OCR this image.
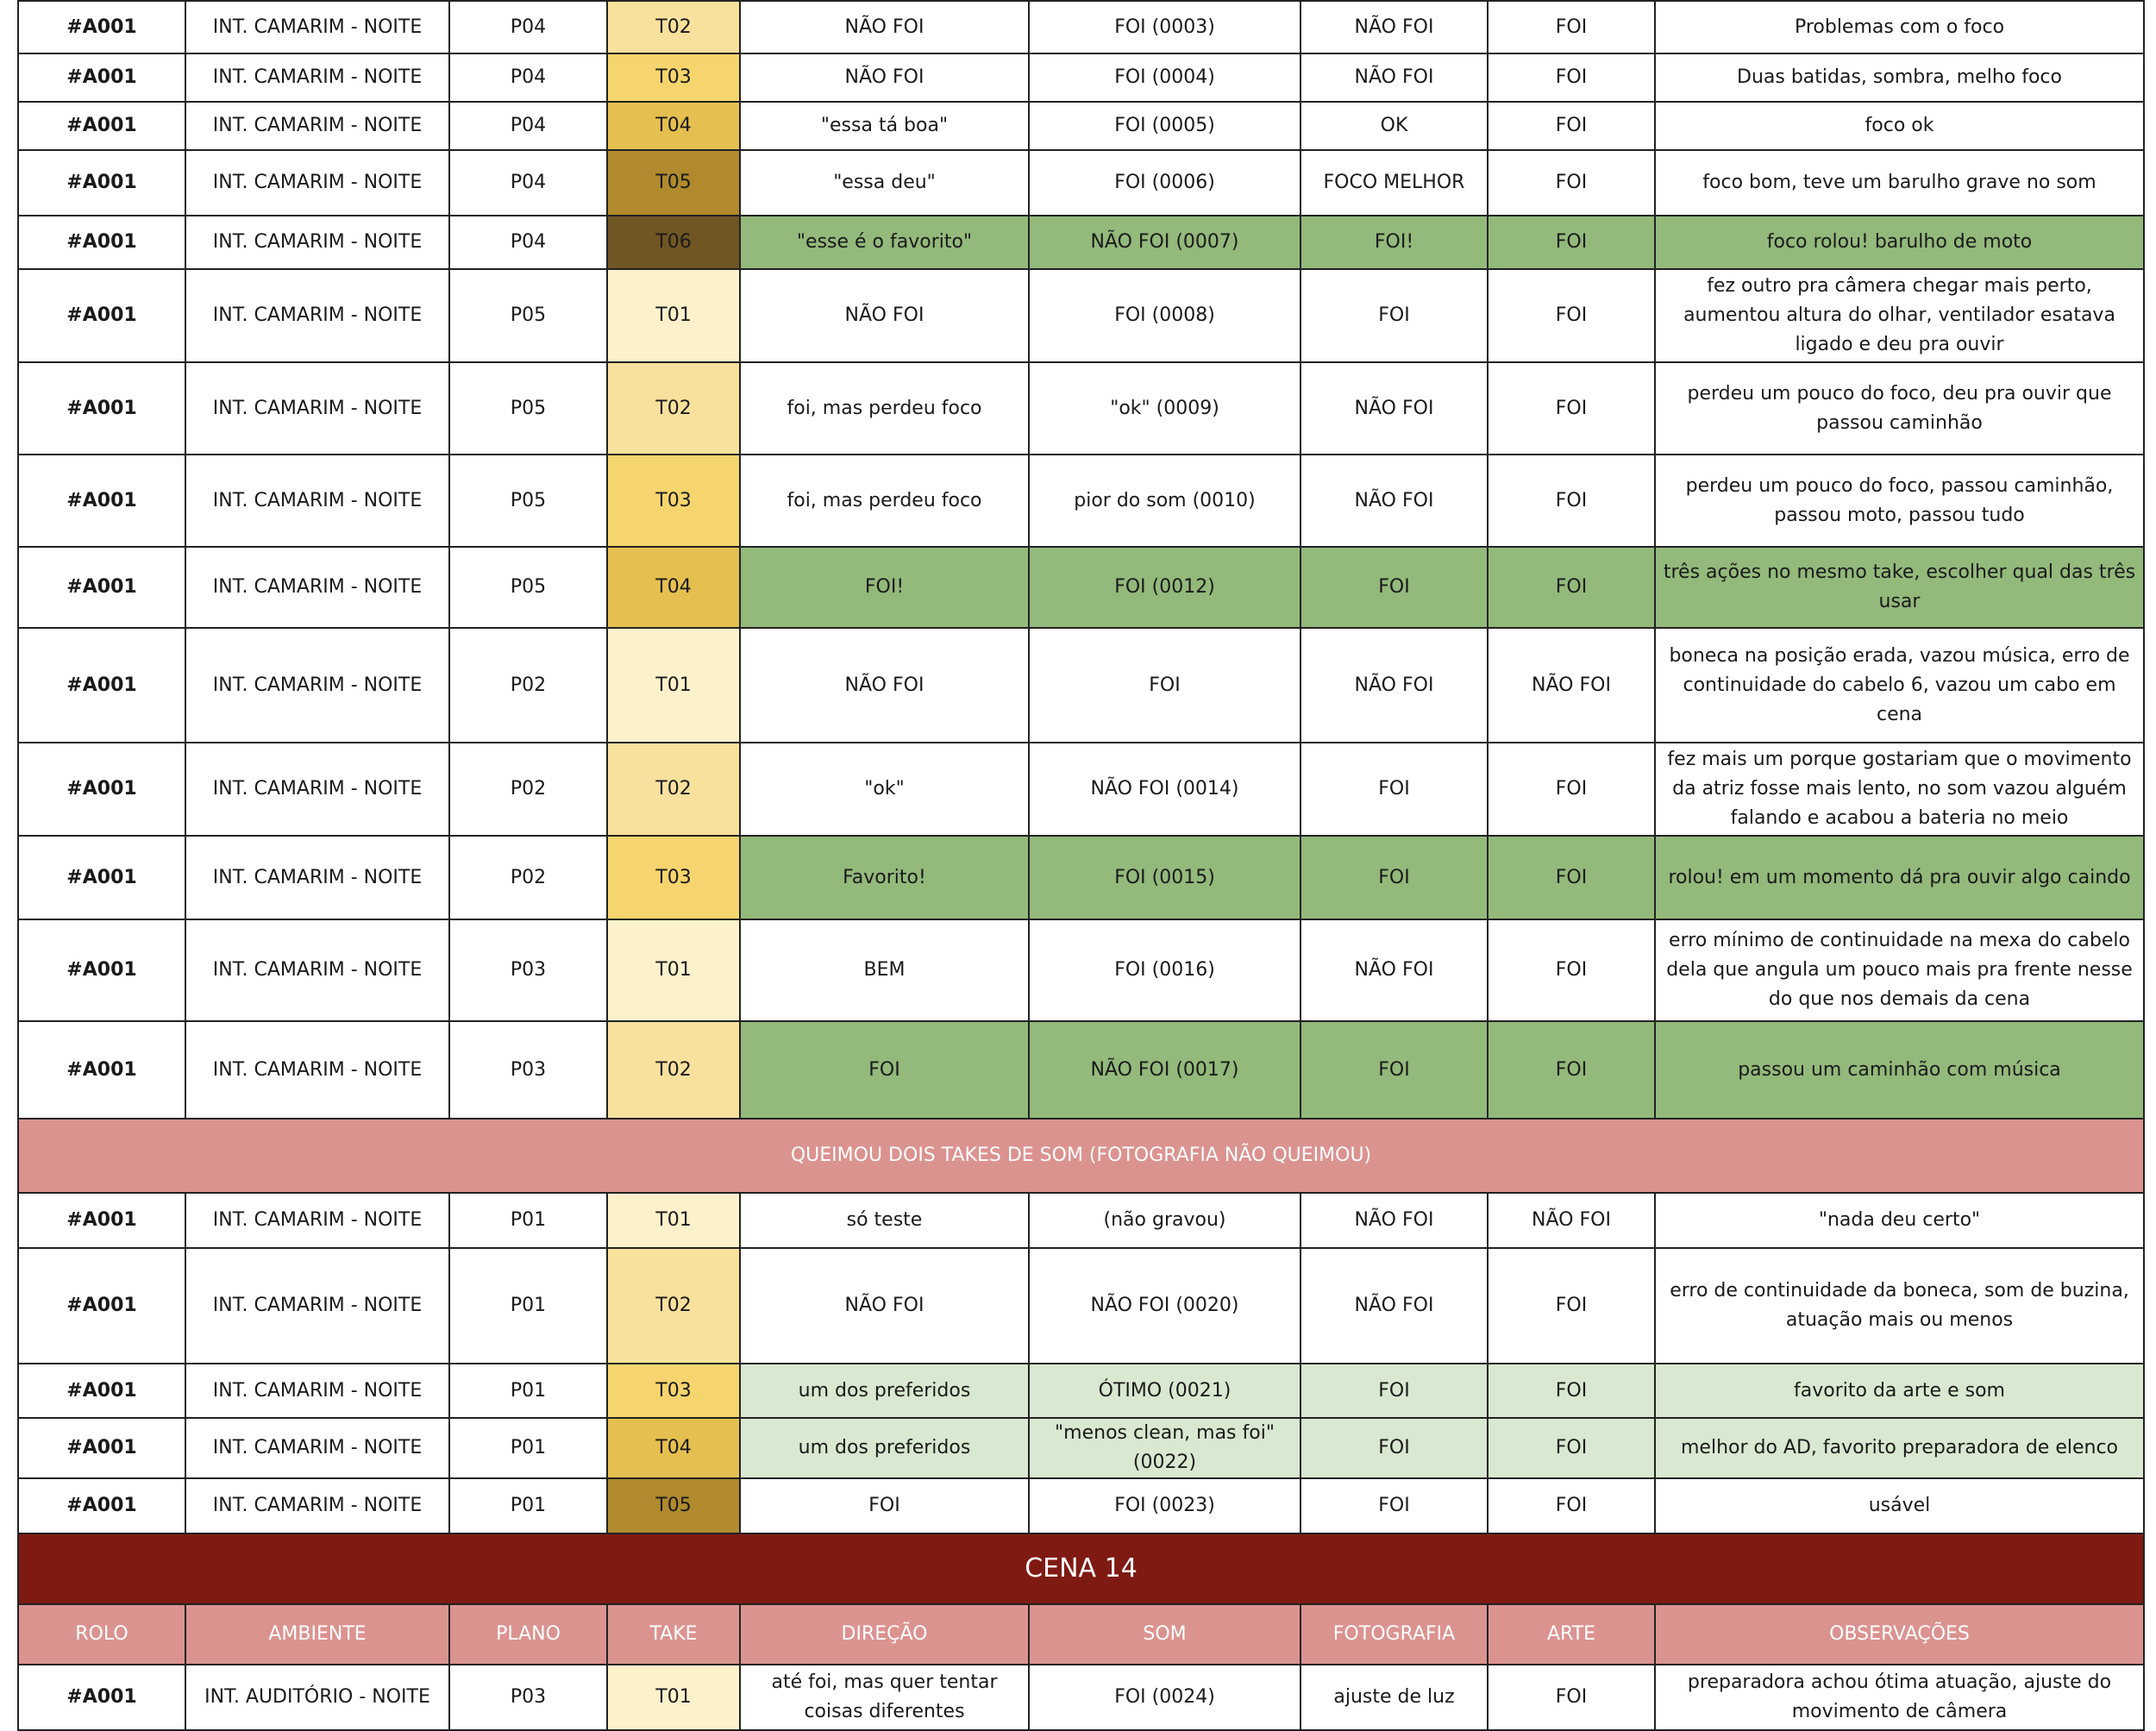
#A001	INT. CAMARIM - NOITE	P04	T02	NÃO FOI	FOI (0003)	NÃO FOI	FOI	Problemas com o foco
#A001	INT. CAMARIM - NOITE	P04	T03	NÃO FOI	FOI (0004)	NÃO FOI	FOI	Duas batidas, sombra, melho foco
#A001	INT. CAMARIM - NOITE	P04	T04	"essa tá boa"	FOI (0005)	OK	FOI	foco ok
#A001	INT. CAMARIM - NOITE	P04	T05	"essa deu"	FOI (0006)	FOCO MELHOR	FOI	foco bom, teve um barulho grave no som
#A001	INT. CAMARIM - NOITE	P04	T06	"esse é o favorito"	NÃO FOI (0007)	FOI!	FOI	foco rolou! barulho de moto
#A001	INT. CAMARIM - NOITE	P05	T01	NÃO FOI	FOI (0008)	FOI	FOI	fez outro pra câmera chegar mais perto, aumentou altura do olhar, ventilador esatava ligado e deu pra ouvir
#A001	INT. CAMARIM - NOITE	P05	T02	foi, mas perdeu foco	"ok" (0009)	NÃO FOI	FOI	perdeu um pouco do foco, deu pra ouvir que passou caminhão
#A001	INT. CAMARIM - NOITE	P05	T03	foi, mas perdeu foco	pior do som (0010)	NÃO FOI	FOI	perdeu um pouco do foco, passou caminhão, passou moto, passou tudo
#A001	INT. CAMARIM - NOITE	P05	T04	FOI!	FOI (0012)	FOI	FOI	três ações no mesmo take, escolher qual das três usar
#A001	INT. CAMARIM - NOITE	P02	T01	NÃO FOI	FOI	NÃO FOI	NÃO FOI	boneca na posição erada, vazou música, erro de continuidade do cabelo 6, vazou um cabo em cena
#A001	INT. CAMARIM - NOITE	P02	T02	"ok"	NÃO FOI (0014)	FOI	FOI	fez mais um porque gostariam que o movimento da atriz fosse mais lento, no som vazou alguém falando e acabou a bateria no meio
#A001	INT. CAMARIM - NOITE	P02	T03	Favorito!	FOI (0015)	FOI	FOI	rolou! em um momento dá pra ouvir algo caindo
#A001	INT. CAMARIM - NOITE	P03	T01	BEM	FOI (0016)	NÃO FOI	FOI	erro mínimo de continuidade na mexa do cabelo dela que angula um pouco mais pra frente nesse do que nos demais da cena
#A001	INT. CAMARIM - NOITE	P03	T02	FOI	NÃO FOI (0017)	FOI	FOI	passou um caminhão com música
QUEIMOU DOIS TAKES DE SOM (FOTOGRAFIA NÃO QUEIMOU)								
#A001	INT. CAMARIM - NOITE	P01	T01	só teste	(não gravou)	NÃO FOI	NÃO FOI	"nada deu certo"
#A001	INT. CAMARIM - NOITE	P01	T02	NÃO FOI	NÃO FOI (0020)	NÃO FOI	FOI	erro de continuidade da boneca, som de buzina, atuação mais ou menos
#A001	INT. CAMARIM - NOITE	P01	T03	um dos preferidos	ÓTIMO (0021)	FOI	FOI	favorito da arte e som
#A001	INT. CAMARIM - NOITE	P01	T04	um dos preferidos	"menos clean, mas foi" (0022)	FOI	FOI	melhor do AD, favorito preparadora de elenco
#A001	INT. CAMARIM - NOITE	P01	T05	FOI	FOI (0023)	FOI	FOI	usável
CENA 14								
ROLO	AMBIENTE	PLANO	TAKE	DIREÇÃO	SOM	FOTOGRAFIA	ARTE	OBSERVAÇÕES
#A001	INT. AUDITÓRIO - NOITE	P03	T01	até foi, mas quer tentar coisas diferentes	FOI (0024)	ajuste de luz	FOI	preparadora achou ótima atuação, ajuste do movimento de câmera
